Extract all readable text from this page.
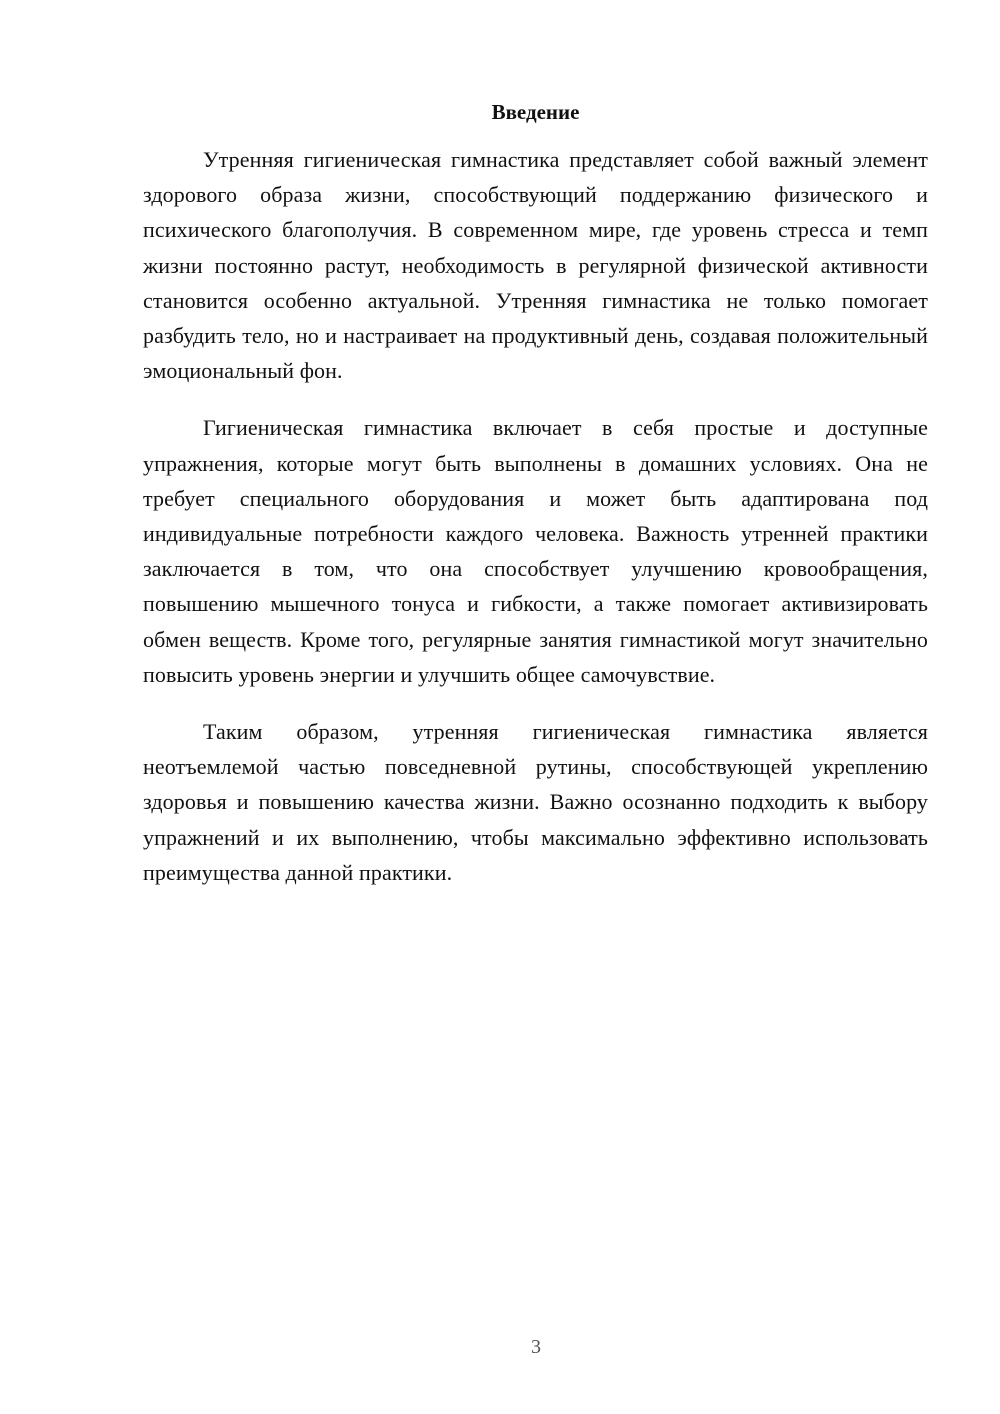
Введение

Утренняя гигиеническая гимнастика представляет собой важный элемент здорового образа жизни, способствующий поддержанию физического и психического благополучия. В современном мире, где уровень стресса и темп жизни постоянно растут, необходимость в регулярной физической активности становится особенно актуальной. Утренняя гимнастика не только помогает разбудить тело, но и настраивает на продуктивный день, создавая положительный эмоциональный фон.

Гигиеническая гимнастика включает в себя простые и доступные упражнения, которые могут быть выполнены в домашних условиях. Она не требует специального оборудования и может быть адаптирована под индивидуальные потребности каждого человека. Важность утренней практики заключается в том, что она способствует улучшению кровообращения, повышению мышечного тонуса и гибкости, а также помогает активизировать обмен веществ. Кроме того, регулярные занятия гимнастикой могут значительно повысить уровень энергии и улучшить общее самочувствие.

Таким образом, утренняя гигиеническая гимнастика является неотъемлемой частью повседневной рутины, способствующей укреплению здоровья и повышению качества жизни. Важно осознанно подходить к выбору упражнений и их выполнению, чтобы максимально эффективно использовать преимущества данной практики.

3
